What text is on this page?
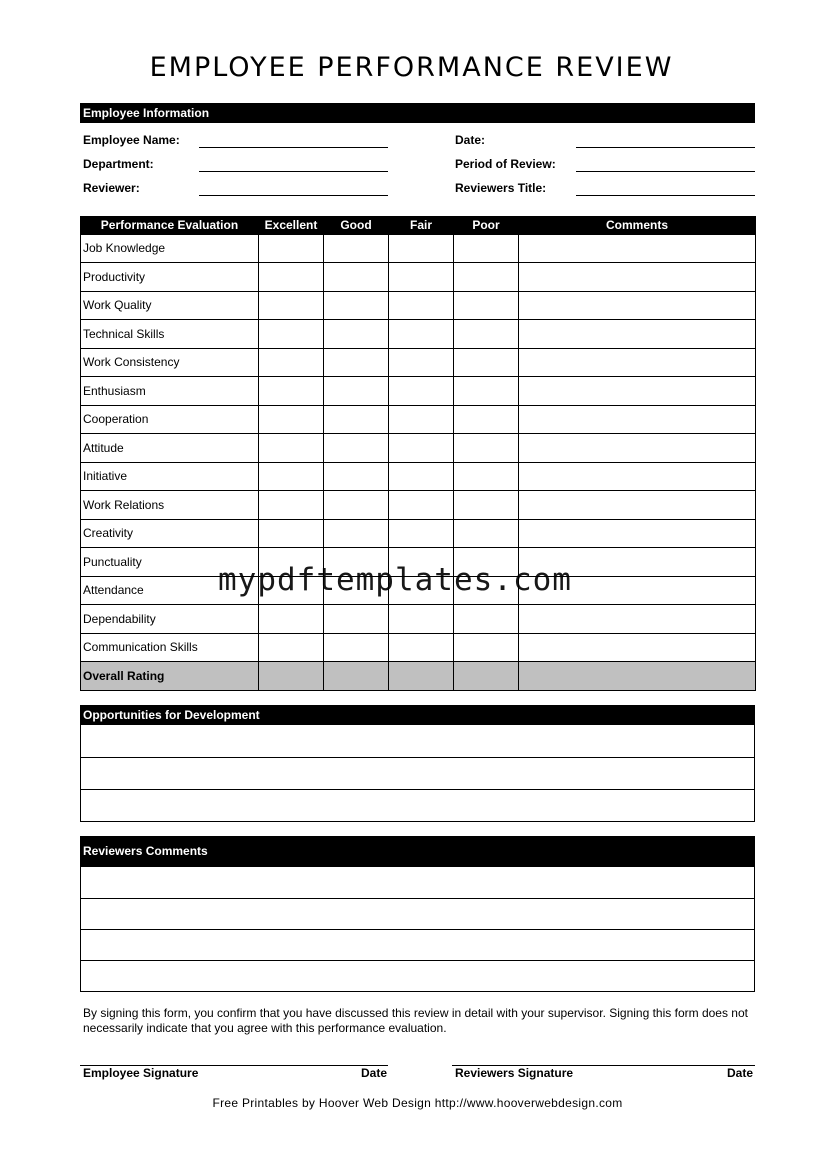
EMPLOYEE PERFORMANCE REVIEW
Employee Information
Employee Name:
Department:
Reviewer:
Date:
Period of Review:
Reviewers Title:
Performance Evaluation	Excellent	Good	Fair	Poor	Comments
Job Knowledge					
Productivity					
Work Quality					
Technical Skills					
Work Consistency					
Enthusiasm					
Cooperation					
Attitude					
Initiative					
Work Relations					
Creativity					
Punctuality					
Attendance					
Dependability					
Communication Skills					
Overall Rating					
Opportunities for Development
Reviewers Comments
By signing this form, you confirm that you have discussed this review in detail with your supervisor. Signing this form does not necessarily indicate that you agree with this performance evaluation.
Employee Signature	Date	Reviewers Signature	Date
Free Printables by Hoover Web Design http://www.hooverwebdesign.com
mypdftemplates.com
